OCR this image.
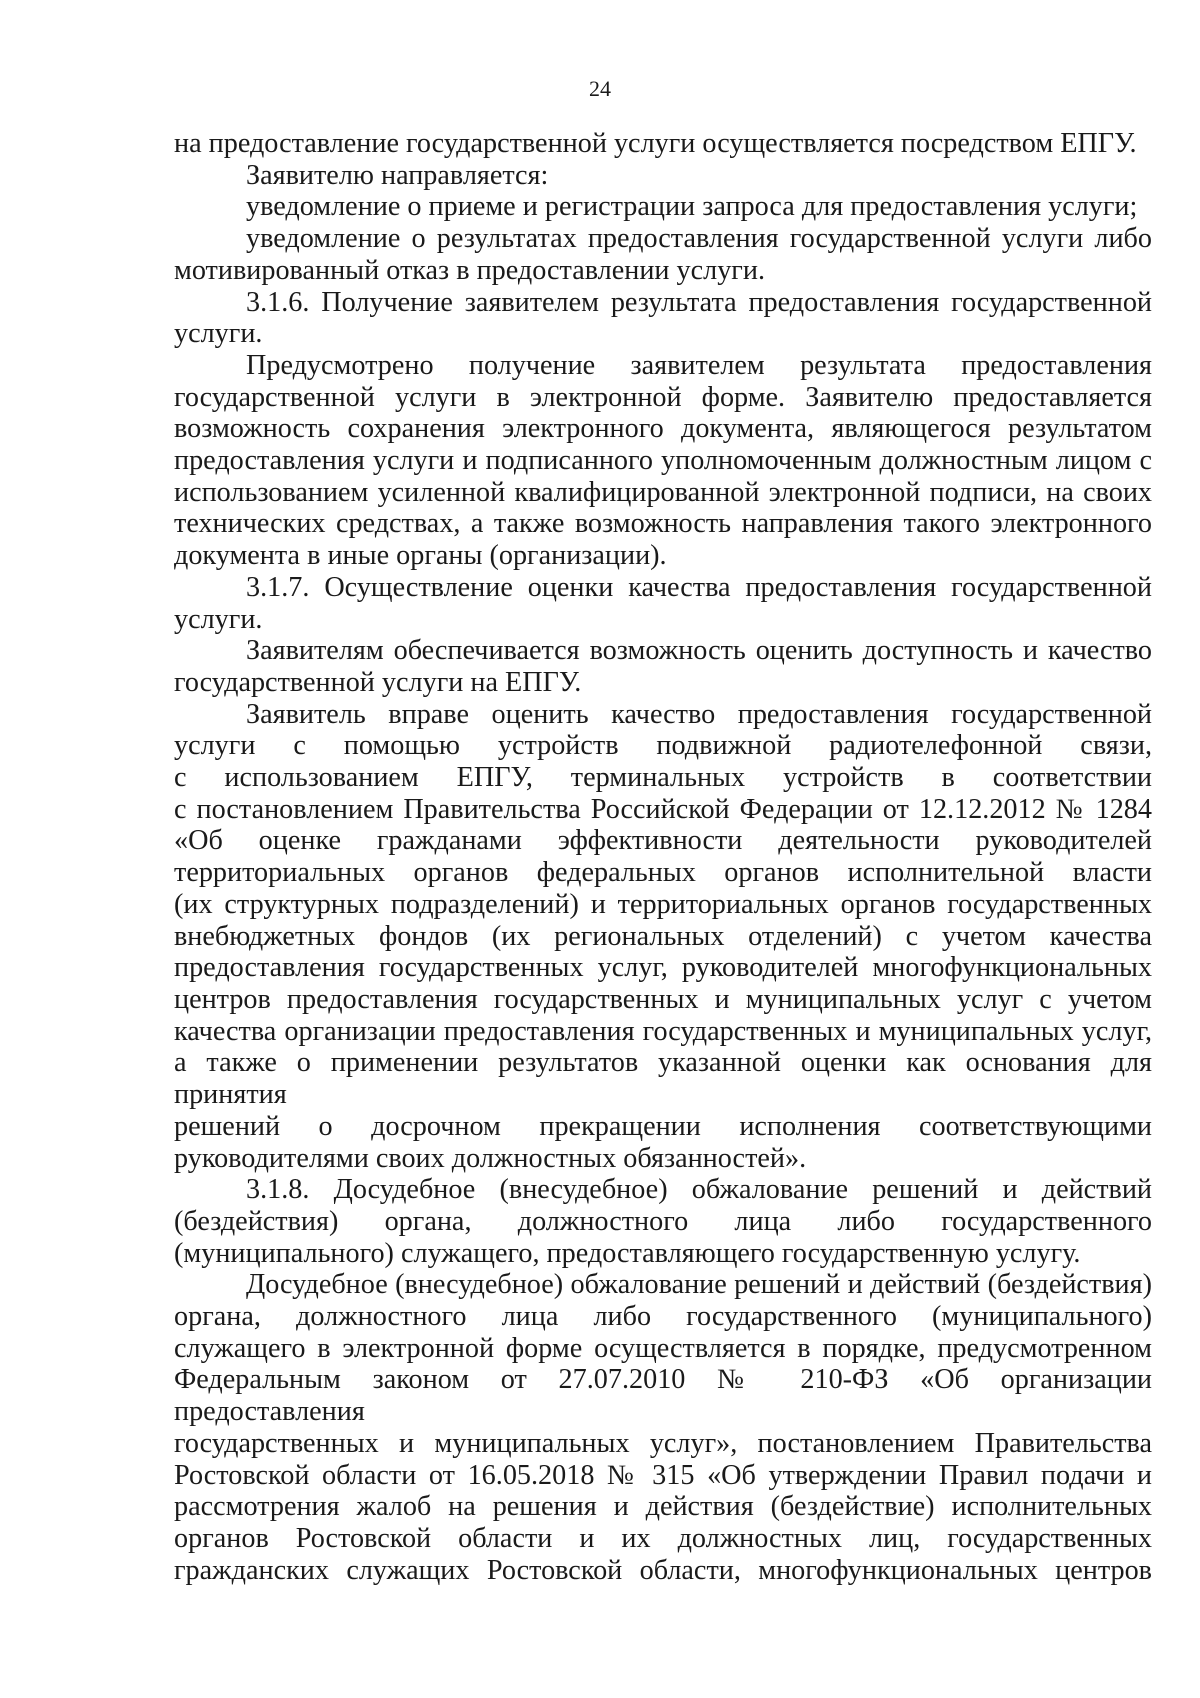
24

на предоставление государственной услуги осуществляется посредством ЕПГУ.

Заявителю направляется:

уведомление о приеме и регистрации запроса для предоставления услуги;

уведомление о результатах предоставления государственной услуги либо

мотивированный отказ в предоставлении услуги.

3.1.6. Получение заявителем результата предоставления государственной

услуги.

Предусмотрено получение заявителем результата предоставления

государственной услуги в электронной форме. Заявителю предоставляется

возможность сохранения электронного документа, являющегося результатом

предоставления услуги и подписанного уполномоченным должностным лицом с

использованием усиленной квалифицированной электронной подписи, на своих

технических средствах, а также возможность направления такого электронного

документа в иные органы (организации).

3.1.7. Осуществление оценки качества предоставления государственной

услуги.

Заявителям обеспечивается возможность оценить доступность и качество

государственной услуги на ЕПГУ.

Заявитель вправе оценить качество предоставления государственной

услуги с помощью устройств подвижной радиотелефонной связи,

с использованием ЕПГУ, терминальных устройств в соответствии

с постановлением Правительства Российской Федерации от 12.12.2012 № 1284

«Об оценке гражданами эффективности деятельности руководителей

территориальных органов федеральных органов исполнительной власти

(их структурных подразделений) и территориальных органов государственных

внебюджетных фондов (их региональных отделений) с учетом качества

предоставления государственных услуг, руководителей многофункциональных

центров предоставления государственных и муниципальных услуг с учетом

качества организации предоставления государственных и муниципальных услуг,

а также о применении результатов указанной оценки как основания для принятия

решений о досрочном прекращении исполнения соответствующими

руководителями своих должностных обязанностей».

3.1.8. Досудебное (внесудебное) обжалование решений и действий

(бездействия) органа, должностного лица либо государственного

(муниципального) служащего, предоставляющего государственную услугу.

Досудебное (внесудебное) обжалование решений и действий (бездействия)

органа, должностного лица либо государственного (муниципального)

служащего в электронной форме осуществляется в порядке, предусмотренном

Федеральным законом от 27.07.2010 № 210-ФЗ «Об организации предоставления

государственных и муниципальных услуг», постановлением Правительства

Ростовской области от 16.05.2018 № 315 «Об утверждении Правил подачи и

рассмотрения жалоб на решения и действия (бездействие) исполнительных

органов Ростовской области и их должностных лиц, государственных

гражданских служащих Ростовской области, многофункциональных центров
